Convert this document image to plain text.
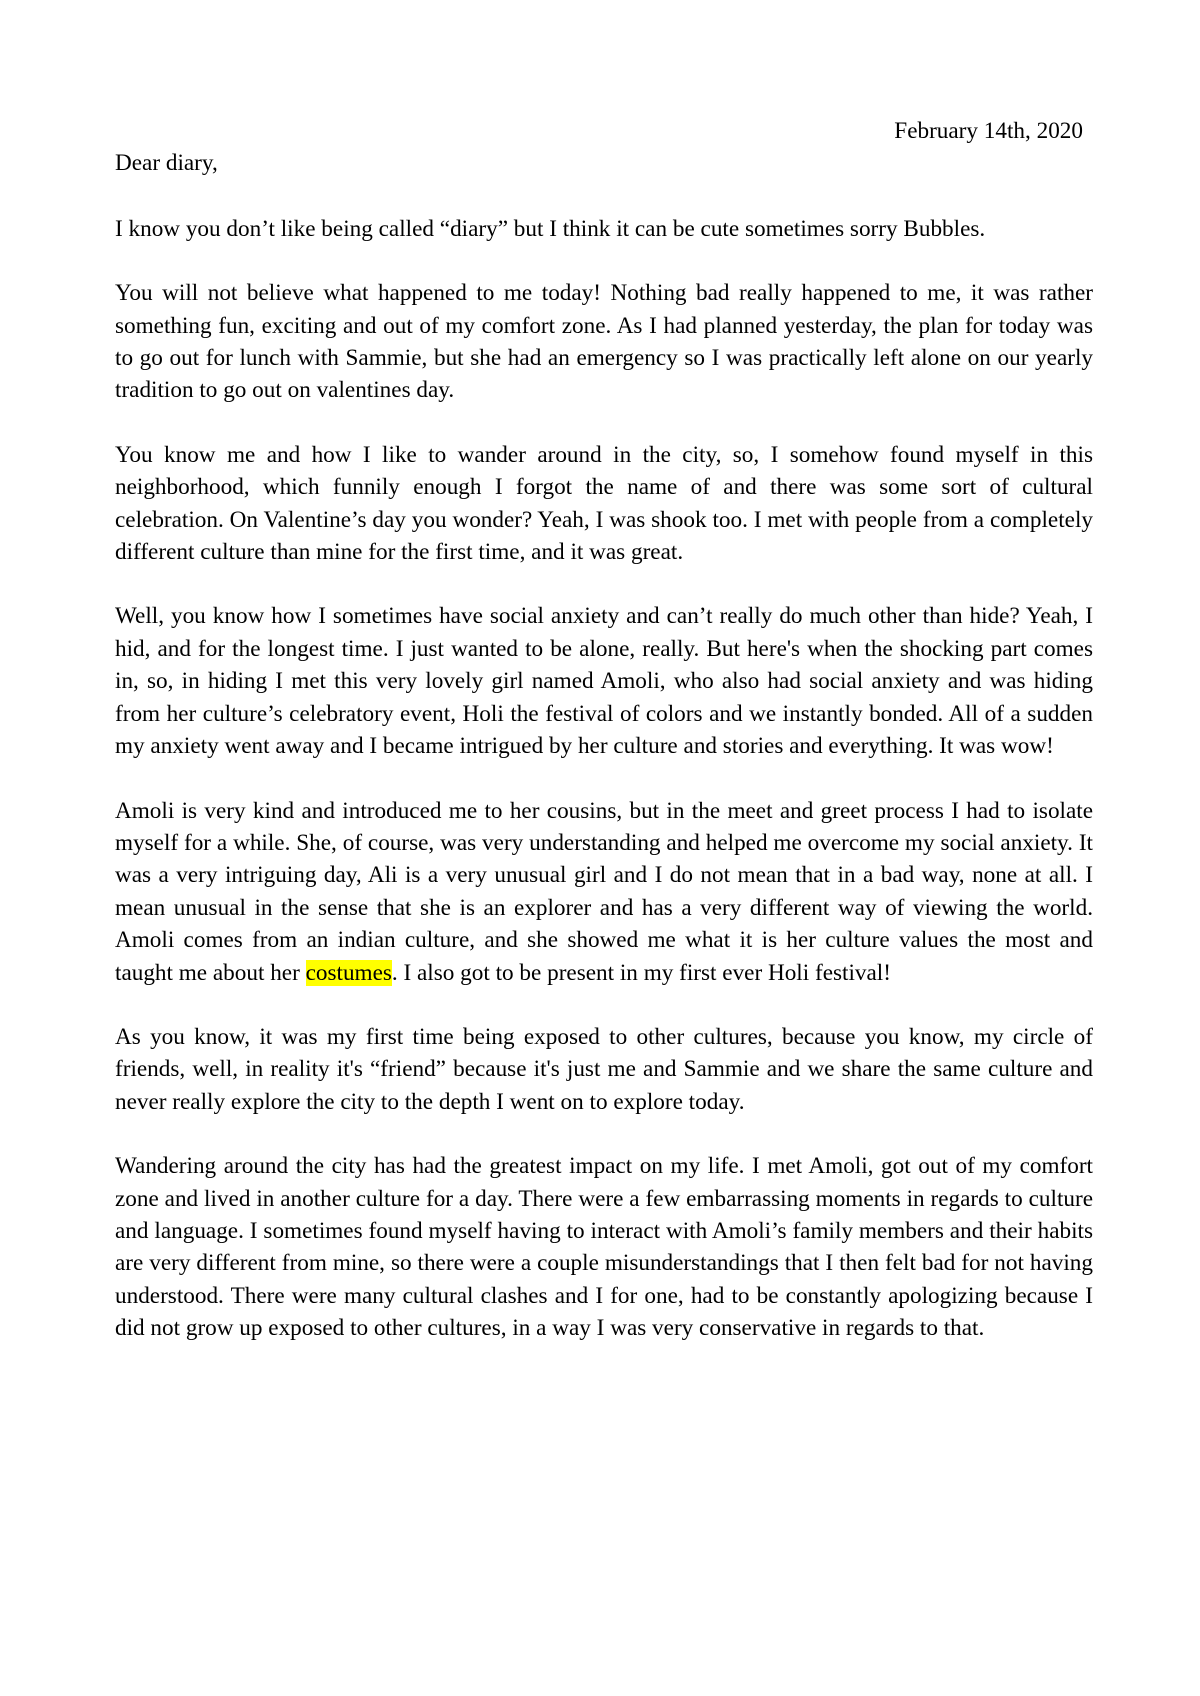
February 14th, 2020
Dear diary,
I know you don’t like being called “diary” but I think it can be cute sometimes sorry Bubbles.
You will not believe what happened to me today! Nothing bad really happened to me, it was rather something fun, exciting and out of my comfort zone. As I had planned yesterday, the plan for today was to go out for lunch with Sammie, but she had an emergency so I was practically left alone on our yearly tradition to go out on valentines day.
You know me and how I like to wander around in the city, so, I somehow found myself in this neighborhood, which funnily enough I forgot the name of and there was some sort of cultural celebration. On Valentine’s day you wonder? Yeah, I was shook too. I met with people from a completely different culture than mine for the first time, and it was great.
Well, you know how I sometimes have social anxiety and can’t really do much other than hide? Yeah, I hid, and for the longest time. I just wanted to be alone, really. But here's when the shocking part comes in, so, in hiding I met this very lovely girl named Amoli, who also had social anxiety and was hiding from her culture’s celebratory event, Holi the festival of colors and we instantly bonded. All of a sudden my anxiety went away and I became intrigued by her culture and stories and everything. It was wow!
Amoli is very kind and introduced me to her cousins, but in the meet and greet process I had to isolate myself for a while. She, of course, was very understanding and helped me overcome my social anxiety. It was a very intriguing day, Ali is a very unusual girl and I do not mean that in a bad way, none at all. I mean unusual in the sense that she is an explorer and has a very different way of viewing the world. Amoli comes from an indian culture, and she showed me what it is her culture values the most and taught me about her costumes. I also got to be present in my first ever Holi festival!
As you know, it was my first time being exposed to other cultures, because you know, my circle of friends, well, in reality it's “friend” because it's just me and Sammie and we share the same culture and never really explore the city to the depth I went on to explore today.
Wandering around the city has had the greatest impact on my life. I met Amoli, got out of my comfort zone and lived in another culture for a day. There were a few embarrassing moments in regards to culture and language. I sometimes found myself having to interact with Amoli’s family members and their habits are very different from mine, so there were a couple misunderstandings that I then felt bad for not having understood. There were many cultural clashes and I for one, had to be constantly apologizing because I did not grow up exposed to other cultures, in a way I was very conservative in regards to that.
